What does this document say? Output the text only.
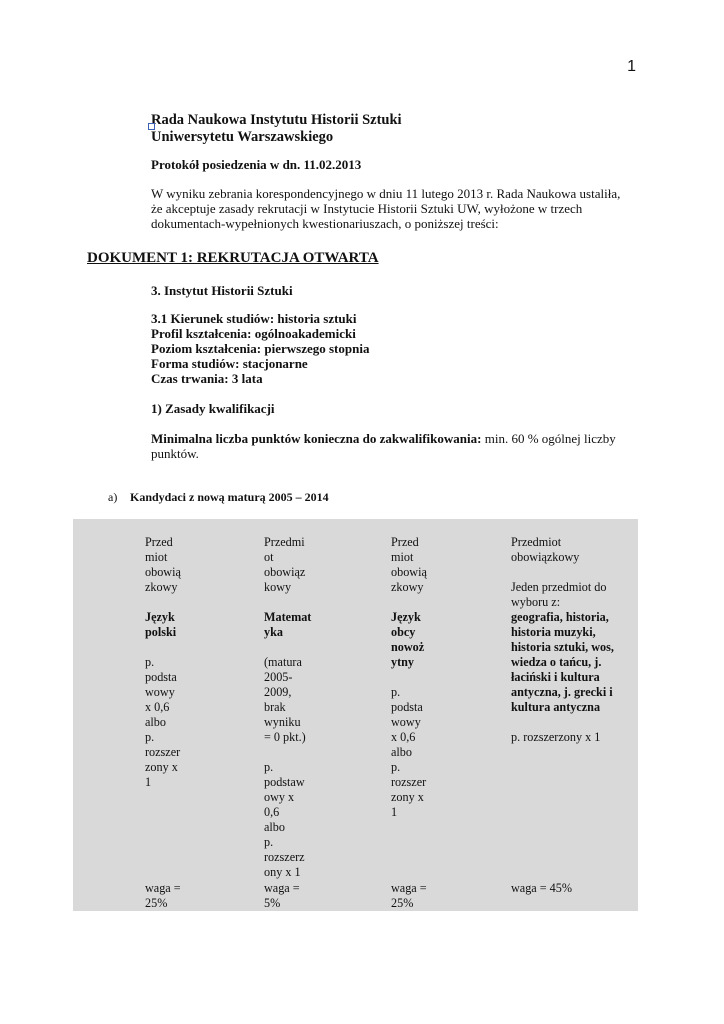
1
Rada Naukowa Instytutu Historii Sztuki
Uniwersytetu Warszawskiego
Protokół posiedzenia w dn. 11.02.2013
W wyniku zebrania korespondencyjnego w dniu 11 lutego 2013 r. Rada Naukowa ustaliła,
że akceptuje zasady rekrutacji w Instytucie Historii Sztuki UW, wyłożone w trzech
dokumentach-wypełnionych kwestionariuszach, o poniższej treści:
DOKUMENT 1: REKRUTACJA OTWARTA
3. Instytut Historii Sztuki
3.1 Kierunek studiów: historia sztuki
Profil kształcenia: ogólnoakademicki
Poziom kształcenia: pierwszego stopnia
Forma studiów: stacjonarne
Czas trwania: 3 lata
1) Zasady kwalifikacji
Minimalna liczba punktów konieczna do zakwalifikowania: min. 60 % ogólnej liczby
punktów.
a) Kandydaci z nową maturą 2005 – 2014
Przed
miot
obowią
zkowy
Język
polski
p.
podsta
wowy
x 0,6
albo
p.
rozszer
zony x
1
waga =
25%
Przedmi
ot
obowiąz
kowy
Matemat
yka
(matura
2005-
2009,
brak
wyniku
= 0 pkt.)
p.
podstaw
owy x
0,6
albo
p.
rozszerz
ony x 1
waga =
5%
Przed
miot
obowią
zkowy
Język
obcy
nowoż
ytny
p.
podsta
wowy
x 0,6
albo
p.
rozszer
zony x
1
waga =
25%
Przedmiot
obowiązkowy
Jeden przedmiot do
wyboru z:
geografia, historia,
historia muzyki,
historia sztuki, wos,
wiedza o tańcu, j.
łaciński i kultura
antyczna, j. grecki i
kultura antyczna
p. rozszerzony x 1
waga = 45%
